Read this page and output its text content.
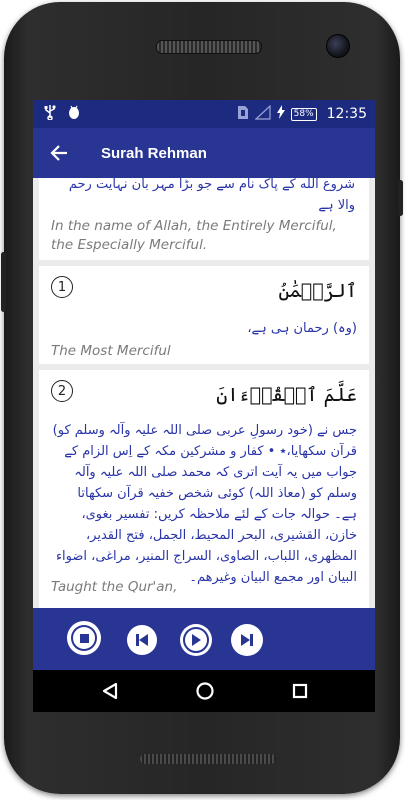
58% 12:35
Surah Rehman
شروع الله کے پاک نام سے جو بڑا مہر بان نہایت رحم والا ہے
In the name of Allah, the Entirely Merciful, the Especially Merciful.
1	ٱلرَّحۡمَٰنُ
(وہ) رحمان ہی ہے،
The Most Merciful
2	عَلَّمَ ٱلۡقُرۡءَانَ
جس نے (خود رسولِ عربی صلی اللہ علیہ وآلہ وسلم کو) قرآن سکھایا،٭ • کفار و مشرکین مکہ کے اِس الزام کے جواب میں یہ آیت اتری کہ محمد صلی اللہ علیہ وآلہ وسلم کو (معاذ اللہ) کوئی شخص خفیہ قرآن سکھاتا ہے۔ حوالہ جات کے لئے ملاحظہ کریں: تفسیر بغوی، خازن، القشیری، البحر المحیط، الجمل، فتح القدیر، المظھری، اللباب، الصاوی، السراج المنیر، مراغی، اضواء البیان اور مجمع البیان وغیرھم۔
Taught the Qur'an,
